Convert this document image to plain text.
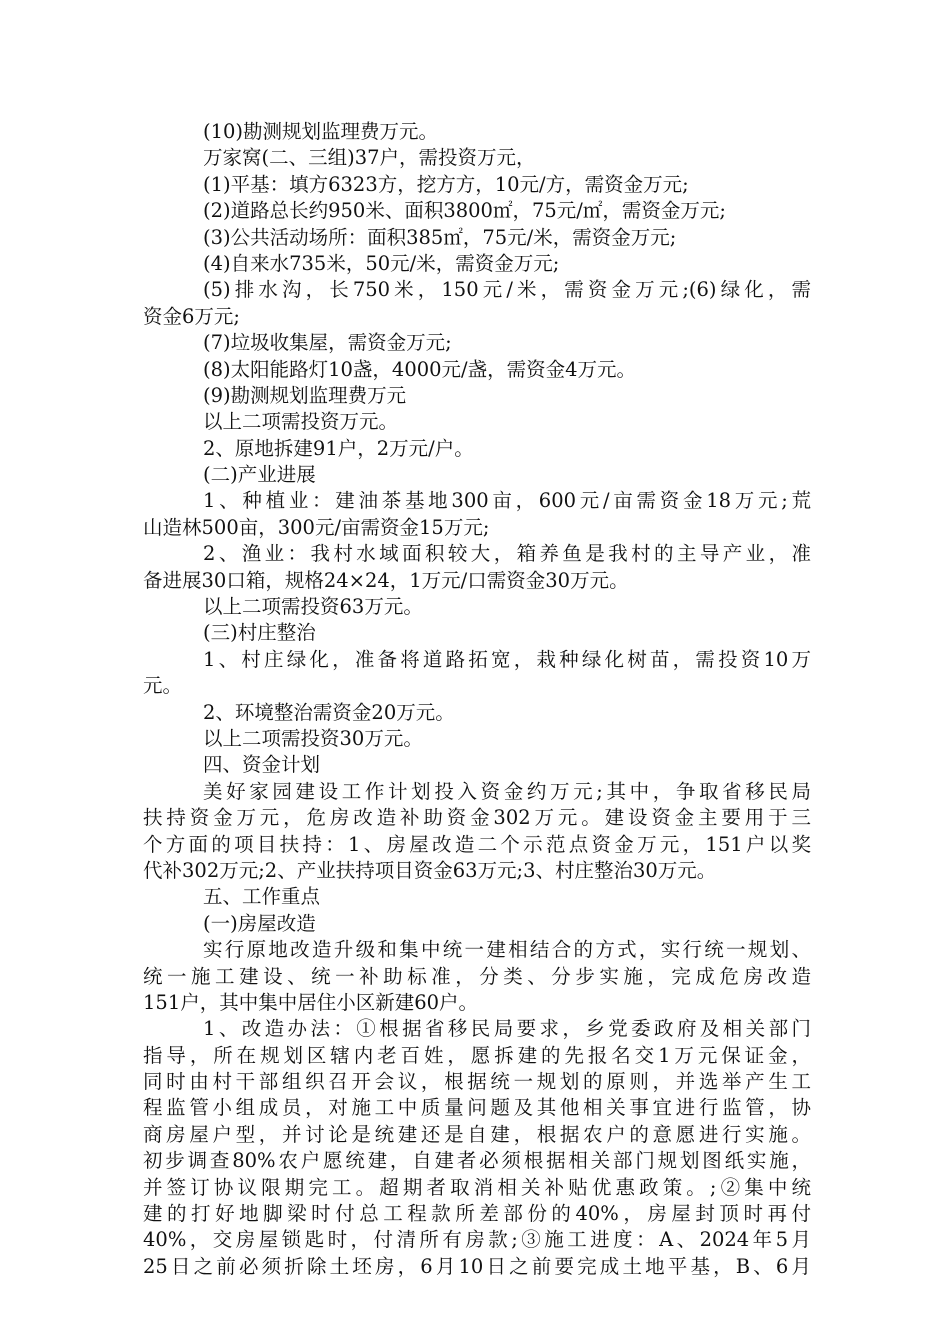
(10)勘测规划监理费万元。
万家窝(二、三组)37户，需投资万元，
(1)平基：填方6323方，挖方方，10元/方，需资金万元;
(2)道路总长约950米、面积3800㎡，75元/㎡，需资金万元;
(3)公共活动场所：面积385㎡，75元/米，需资金万元;
(4)自来水735米，50元/米，需资金万元;
(5)排水沟，长750米，150元/米，需资金万元;(6)绿化，需
资金6万元;
(7)垃圾收集屋，需资金万元;
(8)太阳能路灯10盏，4000元/盏，需资金4万元。
(9)勘测规划监理费万元
以上二项需投资万元。
2、原地拆建91户，2万元/户。
(二)产业进展
1、种植业：建油茶基地300亩，600元/亩需资金18万元;荒
山造林500亩，300元/亩需资金15万元;
2、渔业：我村水域面积较大，箱养鱼是我村的主导产业，准
备进展30口箱，规格24×24，1万元/口需资金30万元。
以上二项需投资63万元。
(三)村庄整治
1、村庄绿化，准备将道路拓宽，栽种绿化树苗，需投资10万
元。
2、环境整治需资金20万元。
以上二项需投资30万元。
四、资金计划
美好家园建设工作计划投入资金约万元;其中，争取省移民局
扶持资金万元，危房改造补助资金302万元。建设资金主要用于三
个方面的项目扶持：1、房屋改造二个示范点资金万元，151户以奖
代补302万元;2、产业扶持项目资金63万元;3、村庄整治30万元。
五、工作重点
(一)房屋改造
实行原地改造升级和集中统一建相结合的方式，实行统一规划、
统一施工建设、统一补助标准，分类、分步实施，完成危房改造
151户，其中集中居住小区新建60户。
1、改造办法：①根据省移民局要求，乡党委政府及相关部门
指导，所在规划区辖内老百姓，愿拆建的先报名交1万元保证金，
同时由村干部组织召开会议，根据统一规划的原则，并选举产生工
程监管小组成员，对施工中质量问题及其他相关事宜进行监管，协
商房屋户型，并讨论是统建还是自建，根据农户的意愿进行实施。
初步调查80%农户愿统建，自建者必须根据相关部门规划图纸实施，
并签订协议限期完工。超期者取消相关补贴优惠政策。;②集中统
建的打好地脚梁时付总工程款所差部份的40%，房屋封顶时再付
40%，交房屋锁匙时，付清所有房款;③施工进度：A、2024年5月
25日之前必须折除土坯房，6月10日之前要完成土地平基，B、6月
